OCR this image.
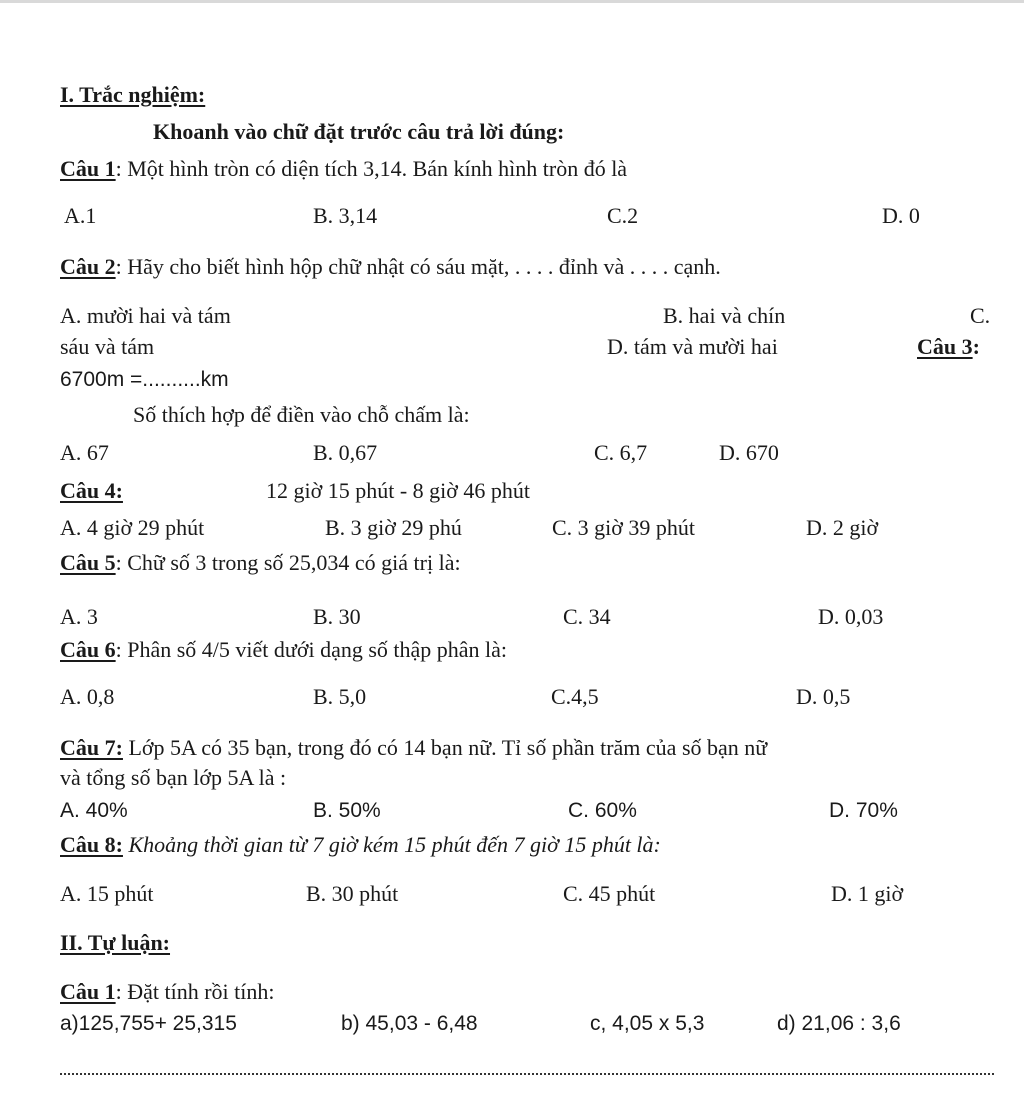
I. Trắc nghiệm:
Khoanh vào chữ đặt trước câu trả lời đúng:
Câu 1: Một hình tròn có diện tích 3,14. Bán kính hình tròn đó là
A.1	B. 3,14	C.2	D. 0
Câu 2: Hãy cho biết hình hộp chữ nhật có sáu mặt, . . . . đỉnh và . . . . cạnh.
A. mười hai và tám	B. hai và chín	C.
sáu và tám	D. tám và mười hai	Câu 3:
6700m =..........km
Số thích hợp để điền vào chỗ chấm là:
A. 67	B. 0,67	C. 6,7	D. 670
Câu 4:	12 giờ 15 phút - 8 giờ 46 phút
A. 4 giờ 29 phút	B. 3 giờ 29 phú	C. 3 giờ 39 phút	D. 2 giờ
Câu 5: Chữ số 3 trong số 25,034 có giá trị là:
A. 3	B. 30	C. 34	D. 0,03
Câu 6: Phân số 4/5 viết dưới dạng số thập phân là:
A. 0,8	B. 5,0	C.4,5	D. 0,5
Câu 7: Lớp 5A có 35 bạn, trong đó có 14 bạn nữ. Tỉ số phần trăm của số bạn nữ
và tổng số bạn lớp 5A là :
A. 40%	B. 50%	C. 60%	D. 70%
Câu 8: Khoảng thời gian từ 7 giờ kém 15 phút đến 7 giờ 15 phút là:
A. 15 phút	B. 30 phút	C. 45 phút	D. 1 giờ
II. Tự luận:
Câu 1: Đặt tính rồi tính:
a)125,755+ 25,315	b) 45,03 - 6,48	c, 4,05 x 5,3	d) 21,06 : 3,6
